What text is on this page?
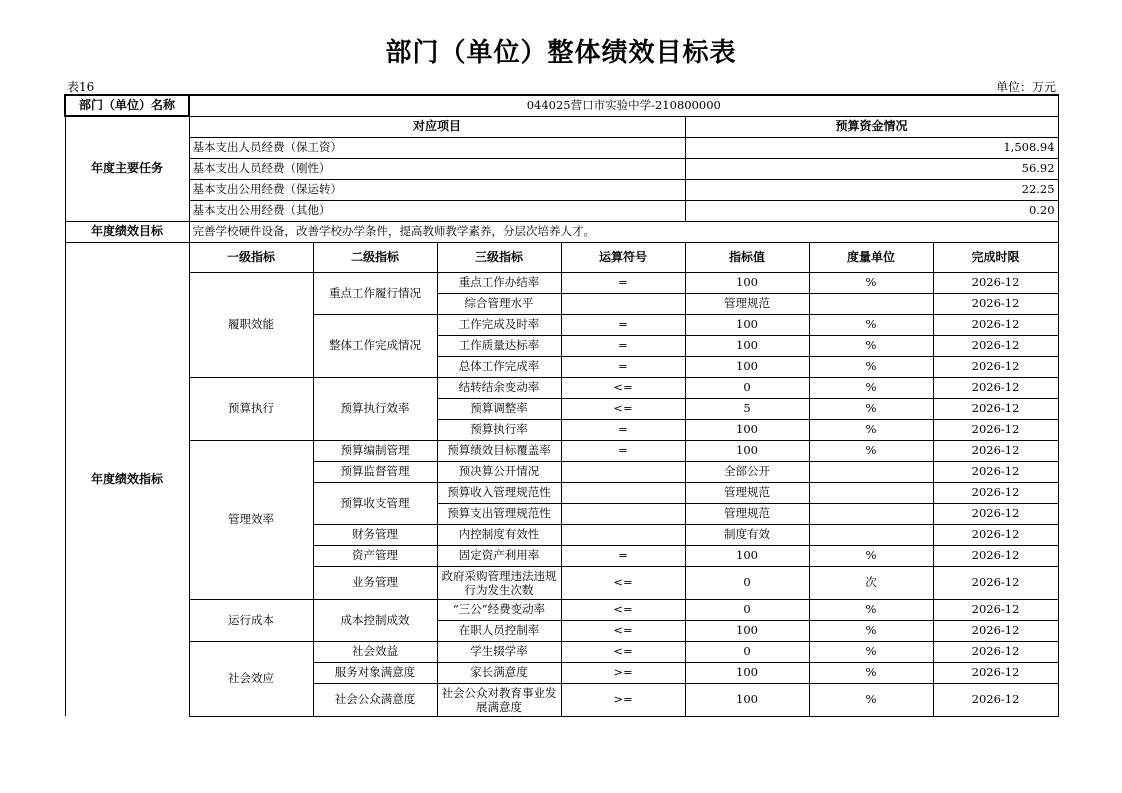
部门（单位）整体绩效目标表
表16	单位：万元
部门（单位）名称	044025营口市实验中学-210800000						
年度主要任务	对应项目				预算资金情况		
	基本支出人员经费（保工资）				1,508.94		
	基本支出人员经费（刚性）				56.92		
	基本支出公用经费（保运转）				22.25		
	基本支出公用经费（其他）				0.20		
年度绩效目标	完善学校硬件设备，改善学校办学条件，提高教师教学素养，分层次培养人才。						
年度绩效指标	一级指标	二级指标	三级指标	运算符号	指标值	度量单位	完成时限
	履职效能	重点工作履行情况	重点工作办结率	=	100	%	2026-12
			综合管理水平		管理规范		2026-12
		整体工作完成情况	工作完成及时率	=	100	%	2026-12
			工作质量达标率	=	100	%	2026-12
			总体工作完成率	=	100	%	2026-12
	预算执行	预算执行效率	结转结余变动率	<=	0	%	2026-12
			预算调整率	<=	5	%	2026-12
			预算执行率	=	100	%	2026-12
	管理效率	预算编制管理	预算绩效目标覆盖率	=	100	%	2026-12
		预算监督管理	预决算公开情况		全部公开		2026-12
		预算收支管理	预算收入管理规范性		管理规范		2026-12
			预算支出管理规范性		管理规范		2026-12
		财务管理	内控制度有效性		制度有效		2026-12
		资产管理	固定资产利用率	=	100	%	2026-12
		业务管理	政府采购管理违法违规行为发生次数	<=	0	次	2026-12
	运行成本	成本控制成效	“三公”经费变动率	<=	0	%	2026-12
			在职人员控制率	<=	100	%	2026-12
	社会效应	社会效益	学生辍学率	<=	0	%	2026-12
		服务对象满意度	家长满意度	>=	100	%	2026-12
		社会公众满意度	社会公众对教育事业发展满意度	>=	100	%	2026-12
